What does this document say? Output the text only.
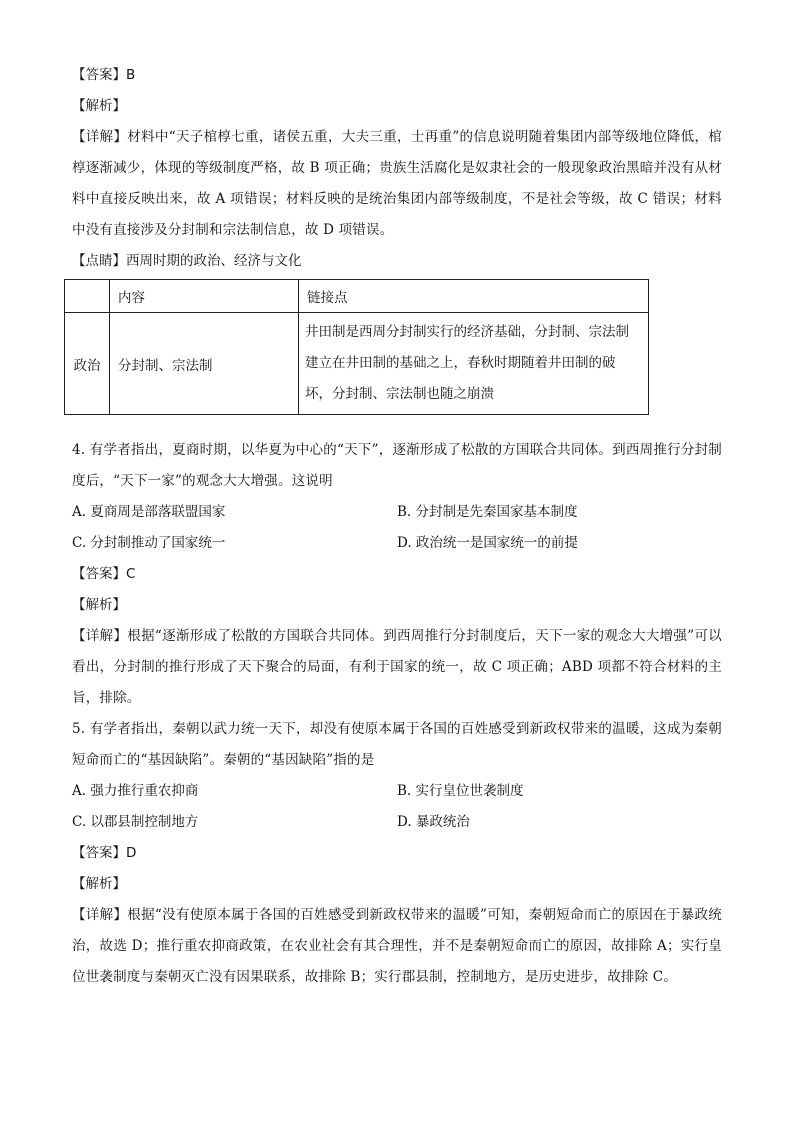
【答案】B
【解析】
【详解】材料中“天子棺椁七重，诸侯五重，大夫三重，士再重”的信息说明随着集团内部等级地位降低，棺椁逐渐减少，体现的等级制度严格，故 B 项正确；贵族生活腐化是奴隶社会的一般现象政治黑暗并没有从材料中直接反映出来，故 A 项错误；材料反映的是统治集团内部等级制度，不是社会等级，故 C 错误；材料中没有直接涉及分封制和宗法制信息，故 D 项错误。
【点睛】西周时期的政治、经济与文化
	内容	链接点
政治	分封制、宗法制	井田制是西周分封制实行的经济基础，分封制、宗法制建立在井田制的基础之上，春秋时期随着井田制的破坏，分封制、宗法制也随之崩溃
4. 有学者指出，夏商时期，以华夏为中心的“天下”，逐渐形成了松散的方国联合共同体。到西周推行分封制度后，“天下一家”的观念大大增强。这说明
A. 夏商周是部落联盟国家	B. 分封制是先秦国家基本制度
C. 分封制推动了国家统一	D. 政治统一是国家统一的前提
【答案】C
【解析】
【详解】根据“逐渐形成了松散的方国联合共同体。到西周推行分封制度后，天下一家的观念大大增强”可以看出，分封制的推行形成了天下聚合的局面，有利于国家的统一，故 C 项正确；ABD 项都不符合材料的主旨，排除。
5. 有学者指出，秦朝以武力统一天下，却没有使原本属于各国的百姓感受到新政权带来的温暖，这成为秦朝短命而亡的“基因缺陷”。秦朝的“基因缺陷”指的是
A. 强力推行重农抑商	B. 实行皇位世袭制度
C. 以郡县制控制地方	D. 暴政统治
【答案】D
【解析】
【详解】根据“没有使原本属于各国的百姓感受到新政权带来的温暖”可知，秦朝短命而亡的原因在于暴政统治，故选 D；推行重农抑商政策，在农业社会有其合理性，并不是秦朝短命而亡的原因，故排除 A；实行皇位世袭制度与秦朝灭亡没有因果联系，故排除 B；实行郡县制，控制地方，是历史进步，故排除 C。
